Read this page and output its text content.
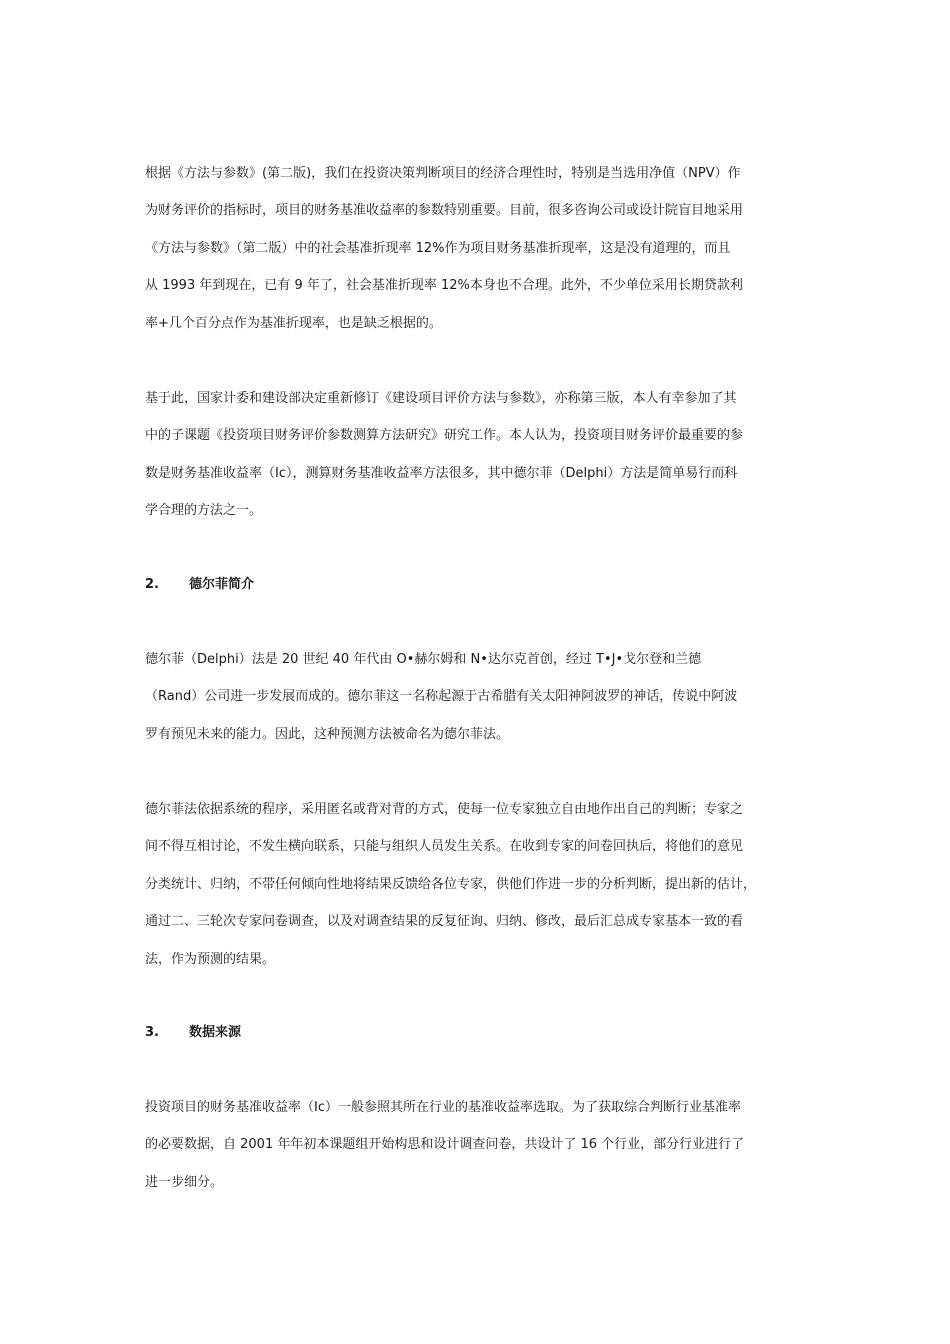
根据《方法与参数》(第二版)，我们在投资决策判断项目的经济合理性时，特别是当选用净值（NPV）作
为财务评价的指标时，项目的财务基准收益率的参数特别重要。目前，很多咨询公司或设计院盲目地采用
《方法与参数》（第二版）中的社会基准折现率 12%作为项目财务基准折现率，这是没有道理的，而且
从 1993 年到现在，已有 9 年了，社会基准折现率 12%本身也不合理。此外，不少单位采用长期贷款利
率+几个百分点作为基准折现率，也是缺乏根据的。

基于此，国家计委和建设部决定重新修订《建设项目评价方法与参数》，亦称第三版，本人有幸参加了其
中的子课题《投资项目财务评价参数测算方法研究》研究工作。本人认为，投资项目财务评价最重要的参
数是财务基准收益率（Ic），测算财务基准收益率方法很多，其中德尔菲（Delphi）方法是简单易行而科
学合理的方法之一。

2. 德尔菲简介

德尔菲（Delphi）法是 20 世纪 40 年代由 O•赫尔姆和 N•达尔克首创，经过 T•J•戈尔登和兰德
（Rand）公司进一步发展而成的。德尔菲这一名称起源于古希腊有关太阳神阿波罗的神话，传说中阿波
罗有预见未来的能力。因此，这种预测方法被命名为德尔菲法。

德尔菲法依据系统的程序，采用匿名或背对背的方式，使每一位专家独立自由地作出自己的判断；专家之
间不得互相讨论，不发生横向联系，只能与组织人员发生关系。在收到专家的问卷回执后，将他们的意见
分类统计、归纳，不带任何倾向性地将结果反馈给各位专家，供他们作进一步的分析判断，提出新的估计，
通过二、三轮次专家问卷调查，以及对调查结果的反复征询、归纳、修改，最后汇总成专家基本一致的看
法，作为预测的结果。

3. 数据来源

投资项目的财务基准收益率（Ic）一般参照其所在行业的基准收益率选取。为了获取综合判断行业基准率
的必要数据，自 2001 年年初本课题组开始构思和设计调查问卷，共设计了 16 个行业，部分行业进行了
进一步细分。
